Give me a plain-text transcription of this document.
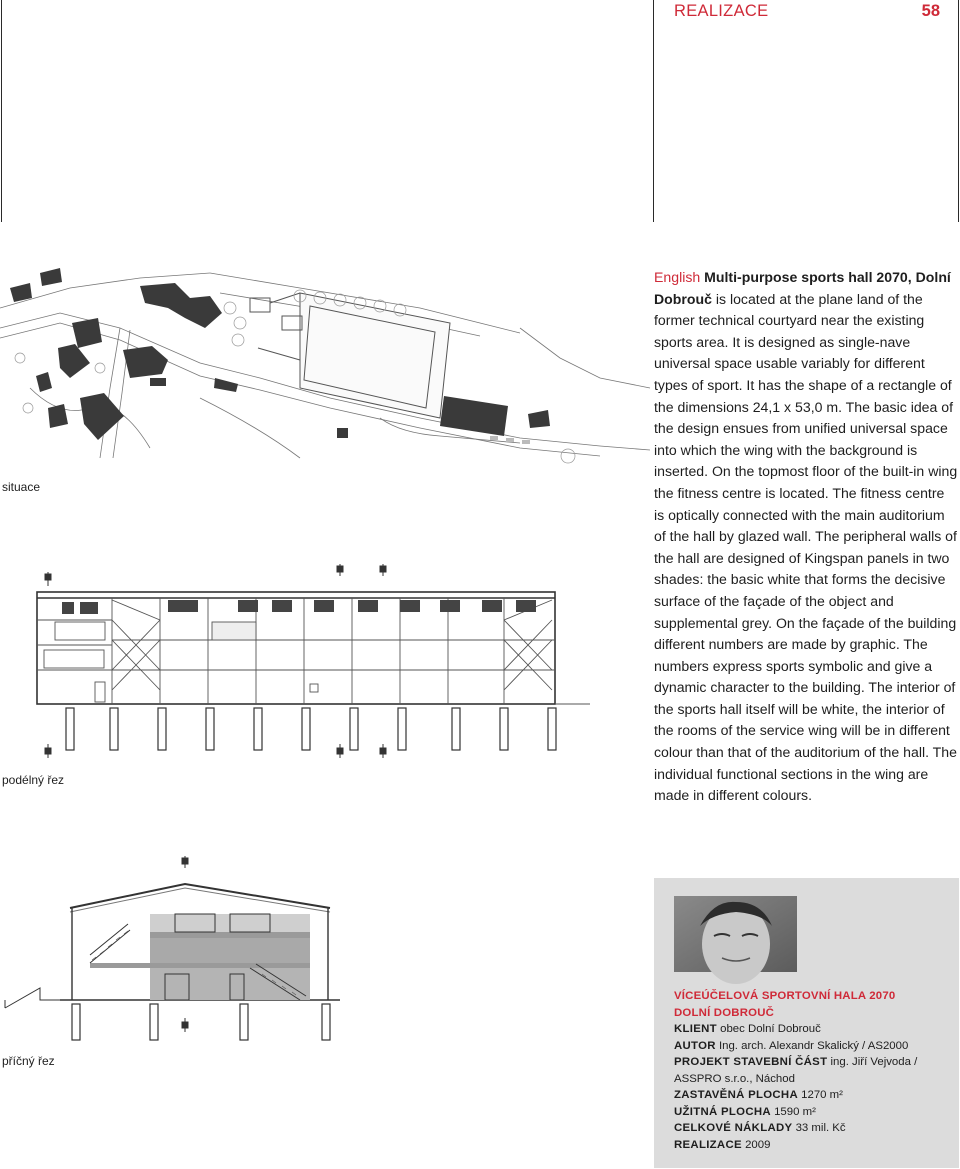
REALIZACE	58
situace
podélný řez
příčný řez

English Multi-purpose sports hall 2070, Dolní Dobrouč is located at the plane land of the former technical courtyard near the existing sports area. It is designed as single-nave universal space usable variably for different types of sport. It has the shape of a rectangle of the dimensions 24,1 x 53,0 m. The basic idea of the design ensues from unified universal space into which the wing with the background is inserted. On the topmost floor of the built-in wing the fitness centre is located. The fitness centre is optically connected with the main auditorium of the hall by glazed wall. The peripheral walls of the hall are designed of Kingspan panels in two shades: the basic white that forms the decisive surface of the façade of the object and supplemental grey. On the façade of the building different numbers are made by graphic. The numbers express sports symbolic and give a dynamic character to the building. The interior of the sports hall itself will be white, the interior of the rooms of the service wing will be in different colour than that of the auditorium of the hall. The individual functional sections in the wing are made in different colours.

VÍCEÚČELOVÁ SPORTOVNÍ HALA 2070
DOLNÍ DOBROUČ
KLIENT obec Dolní Dobrouč
AUTOR Ing. arch. Alexandr Skalický / AS2000
PROJEKT STAVEBNÍ ČÁST ing. Jiří Vejvoda / ASSPRO s.r.o., Náchod
ZASTAVĚNÁ PLOCHA 1270 m²
UŽITNÁ PLOCHA 1590 m²
CELKOVÉ NÁKLADY 33 mil. Kč
REALIZACE 2009
